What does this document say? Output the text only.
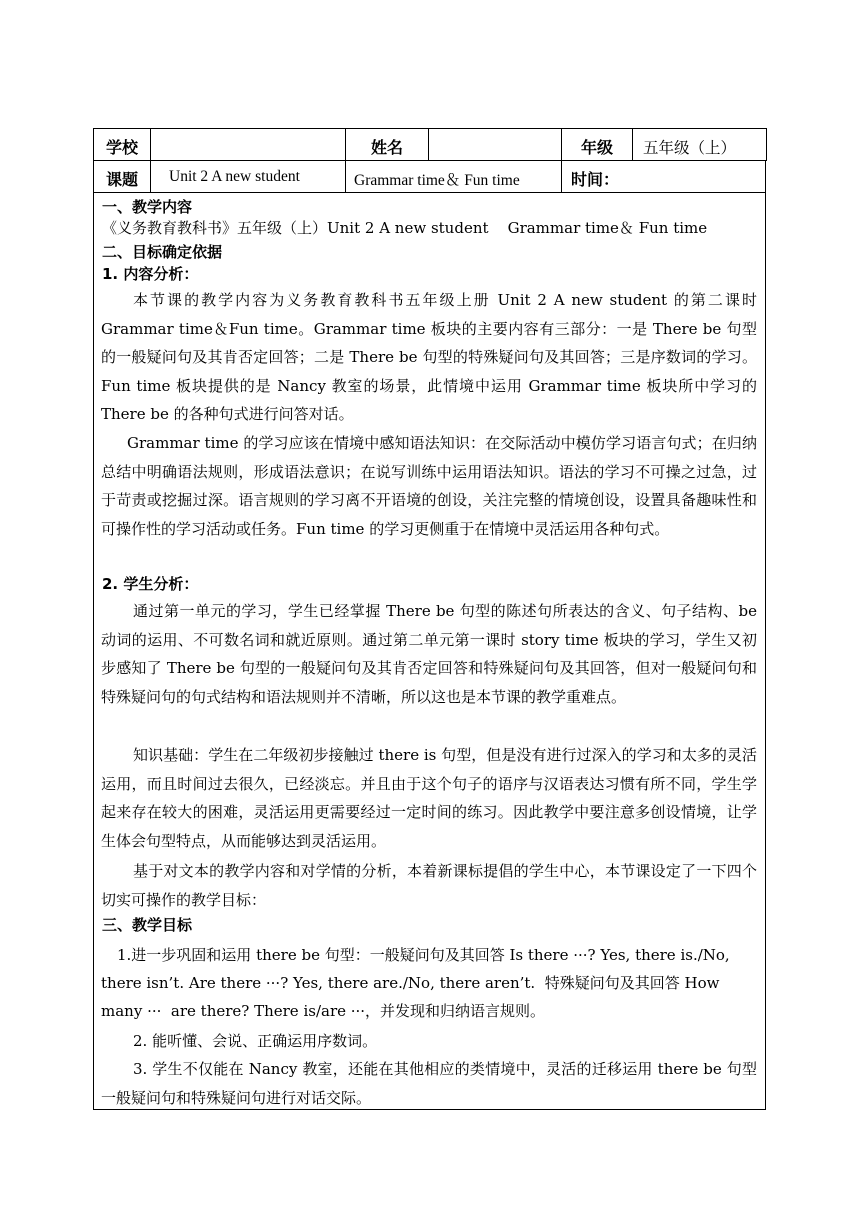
学校	姓名	年级 五年级（上）
课题 Unit 2 A new student	Grammar time＆ Fun time	时间：
一、教学内容
《义务教育教科书》五年级（上）Unit 2 A new student    Grammar time＆ Fun time
二、目标确定依据
1. 内容分析：
本节课的教学内容为义务教育教科书五年级上册 Unit 2 A new student 的第二课时 Grammar time＆Fun time。Grammar time 板块的主要内容有三部分：一是 There be 句型的一般疑问句及其肯否定回答；二是 There be 句型的特殊疑问句及其回答；三是序数词的学习。Fun time 板块提供的是 Nancy 教室的场景，此情境中运用 Grammar time 板块所中学习的 There be 的各种句式进行问答对话。
Grammar time 的学习应该在情境中感知语法知识：在交际活动中模仿学习语言句式；在归纳总结中明确语法规则，形成语法意识；在说写训练中运用语法知识。语法的学习不可操之过急，过于苛责或挖掘过深。语言规则的学习离不开语境的创设，关注完整的情境创设，设置具备趣味性和可操作性的学习活动或任务。Fun time 的学习更侧重于在情境中灵活运用各种句式。
2. 学生分析：
通过第一单元的学习，学生已经掌握 There be 句型的陈述句所表达的含义、句子结构、be 动词的运用、不可数名词和就近原则。通过第二单元第一课时 story time 板块的学习，学生又初步感知了 There be 句型的一般疑问句及其肯否定回答和特殊疑问句及其回答，但对一般疑问句和特殊疑问句的句式结构和语法规则并不清晰，所以这也是本节课的教学重难点。
知识基础：学生在二年级初步接触过 there is 句型，但是没有进行过深入的学习和太多的灵活运用，而且时间过去很久，已经淡忘。并且由于这个句子的语序与汉语表达习惯有所不同，学生学起来存在较大的困难，灵活运用更需要经过一定时间的练习。因此教学中要注意多创设情境，让学生体会句型特点，从而能够达到灵活运用。
基于对文本的教学内容和对学情的分析，本着新课标提倡的学生中心，本节课设定了一下四个切实可操作的教学目标：
三、教学目标
1.进一步巩固和运用 there be 句型：一般疑问句及其回答 Is there ···? Yes, there is./No,
there isn’t. Are there ···? Yes, there are./No, there aren’t.  特殊疑问句及其回答 How
many ···  are there? There is/are ···，并发现和归纳语言规则。
2. 能听懂、会说、正确运用序数词。
3. 学生不仅能在 Nancy 教室，还能在其他相应的类情境中，灵活的迁移运用 there be 句型一般疑问句和特殊疑问句进行对话交际。
